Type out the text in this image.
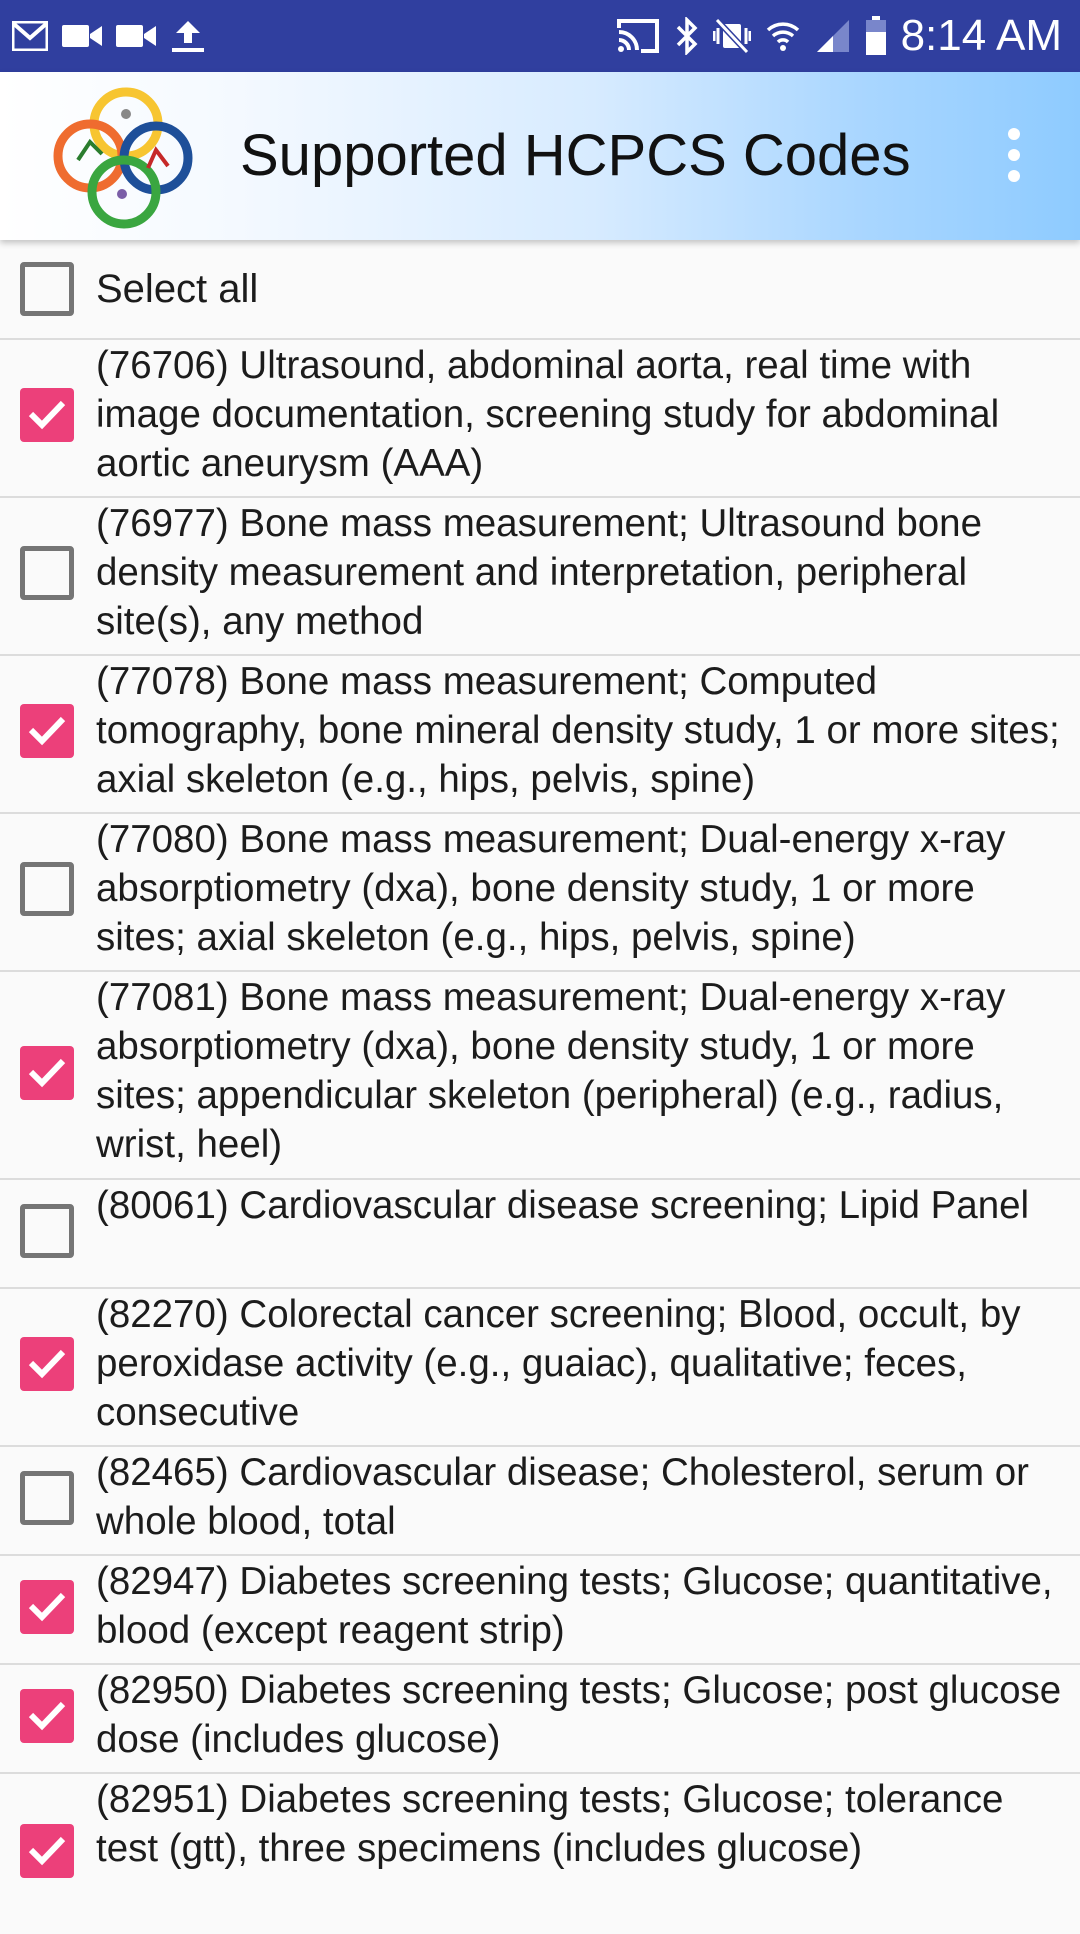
8:14 AM
Supported HCPCS Codes
Select all
(76706) Ultrasound, abdominal aorta, real time with image documentation, screening study for abdominal aortic aneurysm (AAA)
(76977) Bone mass measurement; Ultrasound bone density measurement and interpretation, peripheral site(s), any method
(77078) Bone mass measurement; Computed tomography, bone mineral density study, 1 or more sites; axial skeleton (e.g., hips, pelvis, spine)
(77080) Bone mass measurement; Dual-energy x-ray absorptiometry (dxa), bone density study, 1 or more sites; axial skeleton (e.g., hips, pelvis, spine)
(77081) Bone mass measurement; Dual-energy x-ray absorptiometry (dxa), bone density study, 1 or more sites; appendicular skeleton (peripheral) (e.g., radius, wrist, heel)
(80061) Cardiovascular disease screening; Lipid Panel
(82270) Colorectal cancer screening; Blood, occult, by peroxidase activity (e.g., guaiac), qualitative; feces, consecutive
(82465) Cardiovascular disease; Cholesterol, serum or whole blood, total
(82947) Diabetes screening tests; Glucose; quantitative, blood (except reagent strip)
(82950) Diabetes screening tests; Glucose; post glucose dose (includes glucose)
(82951) Diabetes screening tests; Glucose; tolerance test (gtt), three specimens (includes glucose)
